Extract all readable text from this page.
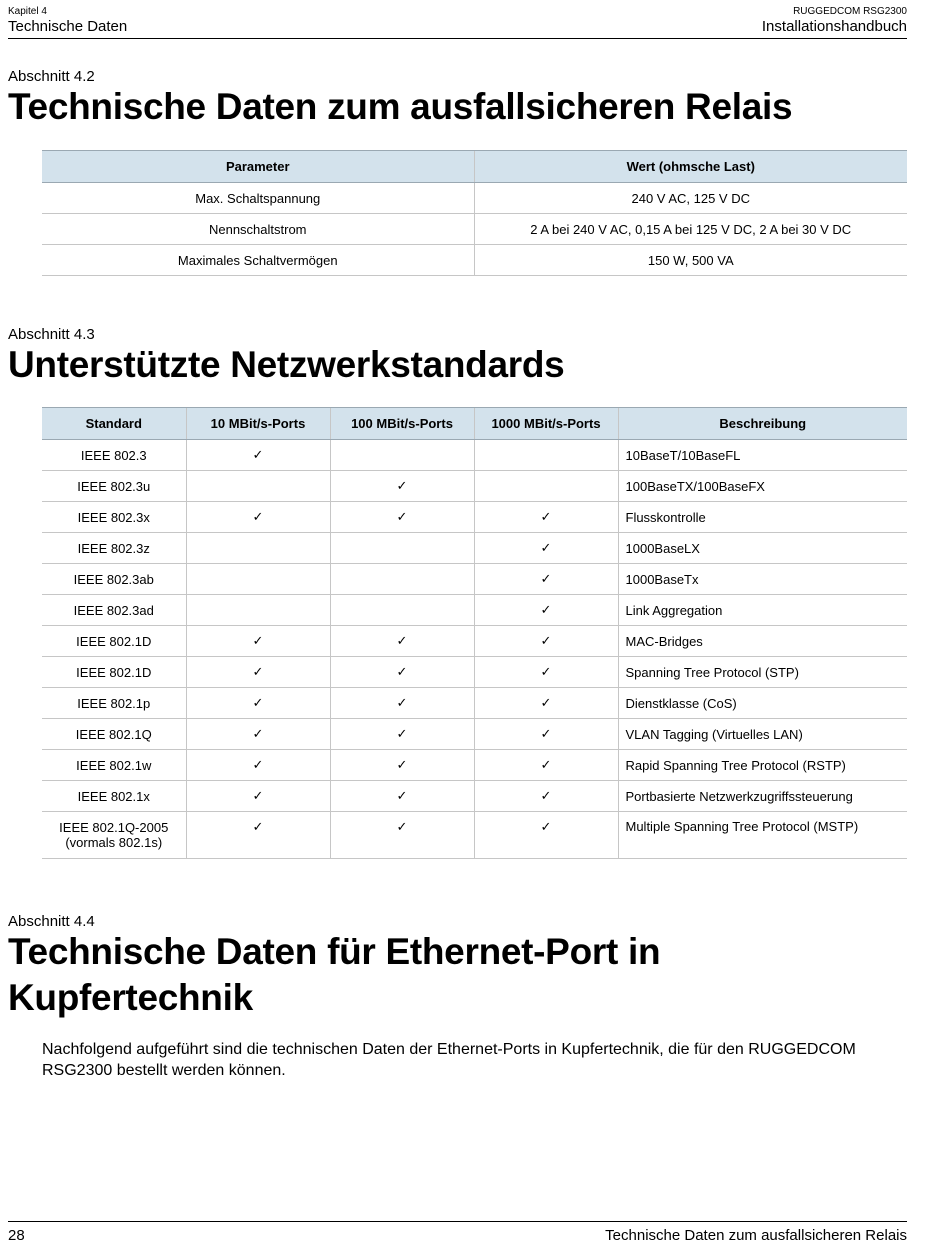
Kapitel 4
Technische Daten
RUGGEDCOM RSG2300
Installationshandbuch
Abschnitt 4.2
Technische Daten zum ausfallsicheren Relais
Parameter	Wert (ohmsche Last)
Max. Schaltspannung	240 V AC, 125 V DC
Nennschaltstrom	2 A bei 240 V AC, 0,15 A bei 125 V DC, 2 A bei 30 V DC
Maximales Schaltvermögen	150 W, 500 VA
Abschnitt 4.3
Unterstützte Netzwerkstandards
Standard	10 MBit/s-Ports	100 MBit/s-Ports	1000 MBit/s-Ports	Beschreibung
IEEE 802.3	✓			10BaseT/10BaseFL
IEEE 802.3u		✓		100BaseTX/100BaseFX
IEEE 802.3x	✓	✓	✓	Flusskontrolle
IEEE 802.3z			✓	1000BaseLX
IEEE 802.3ab			✓	1000BaseTx
IEEE 802.3ad			✓	Link Aggregation
IEEE 802.1D	✓	✓	✓	MAC-Bridges
IEEE 802.1D	✓	✓	✓	Spanning Tree Protocol (STP)
IEEE 802.1p	✓	✓	✓	Dienstklasse (CoS)
IEEE 802.1Q	✓	✓	✓	VLAN Tagging (Virtuelles LAN)
IEEE 802.1w	✓	✓	✓	Rapid Spanning Tree Protocol (RSTP)
IEEE 802.1x	✓	✓	✓	Portbasierte Netzwerkzugriffssteuerung

IEEE 802.1Q-2005
(vormals 802.1s)	✓	✓	✓	Multiple Spanning Tree Protocol (MSTP)
Abschnitt 4.4
Technische Daten für Ethernet-Port in
Kupfertechnik
Nachfolgend aufgeführt sind die technischen Daten der Ethernet-Ports in Kupfertechnik, die für den RUGGEDCOM RSG2300 bestellt werden können.
28	Technische Daten zum ausfallsicheren Relais
